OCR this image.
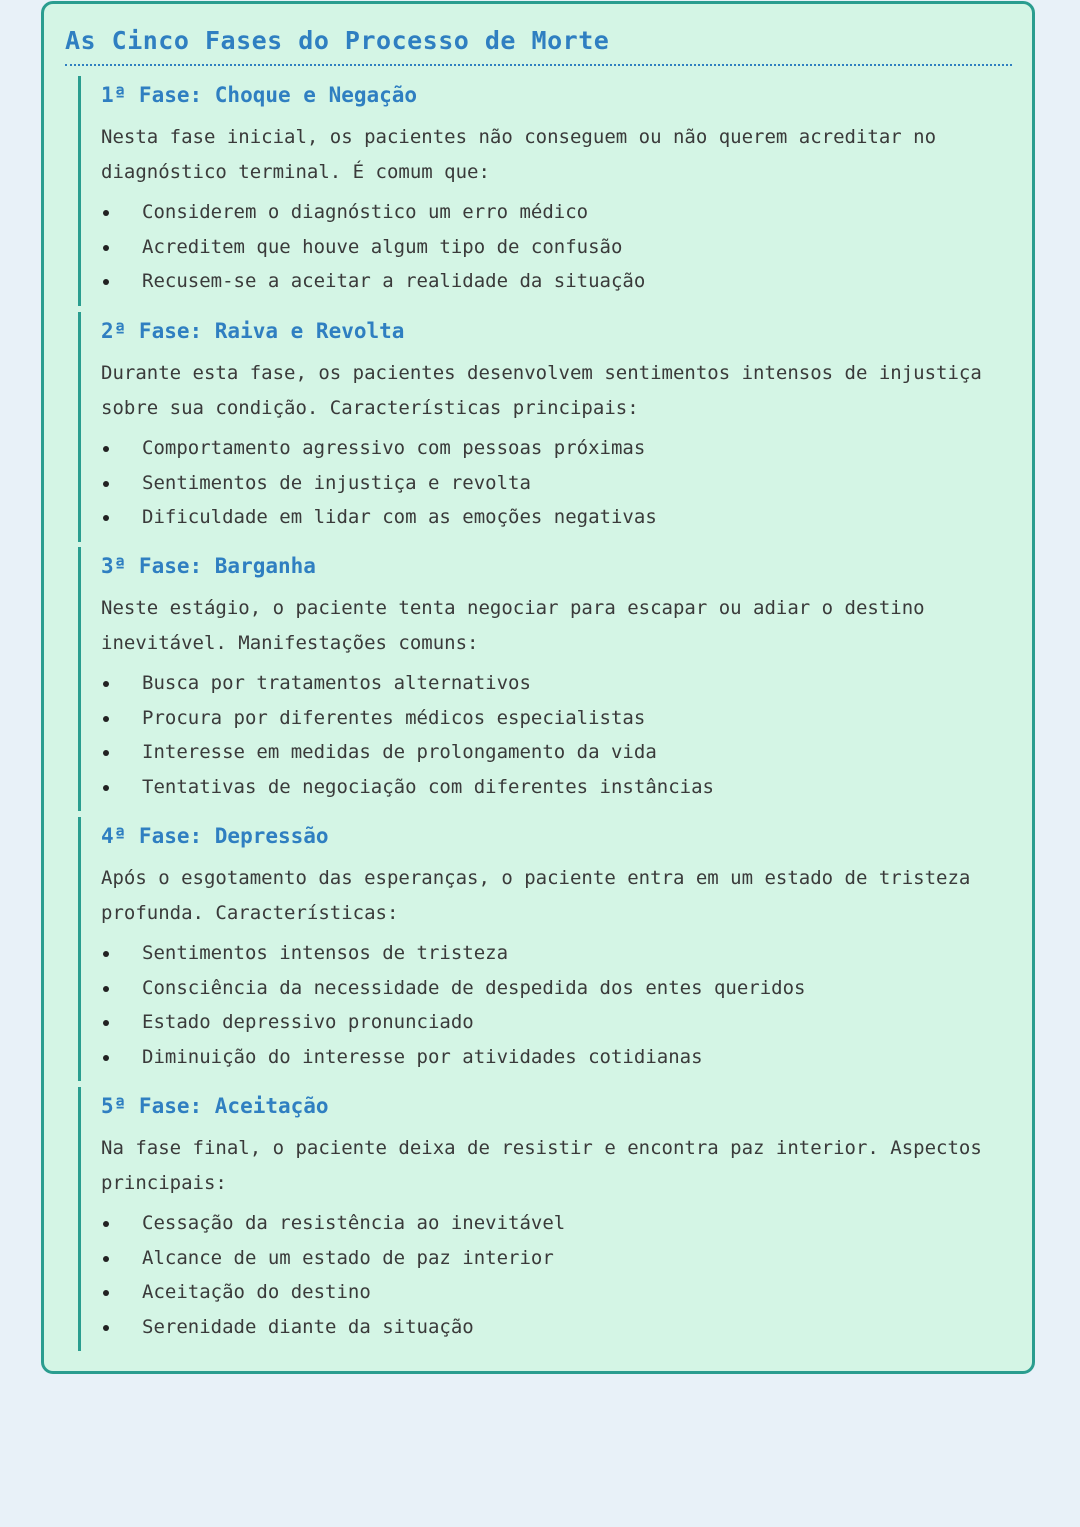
As Cinco Fases do Processo de Morte
1ª Fase: Choque e Negação

Nesta fase inicial, os pacientes não conseguem ou não querem acreditar no diagnóstico terminal. É comum que:

Considerem o diagnóstico um erro médico
Acreditem que houve algum tipo de confusão
Recusem-se a aceitar a realidade da situação
2ª Fase: Raiva e Revolta

Durante esta fase, os pacientes desenvolvem sentimentos intensos de injustiça sobre sua condição. Características principais:

Comportamento agressivo com pessoas próximas
Sentimentos de injustiça e revolta
Dificuldade em lidar com as emoções negativas
3ª Fase: Barganha

Neste estágio, o paciente tenta negociar para escapar ou adiar o destino inevitável. Manifestações comuns:

Busca por tratamentos alternativos
Procura por diferentes médicos especialistas
Interesse em medidas de prolongamento da vida
Tentativas de negociação com diferentes instâncias
4ª Fase: Depressão

Após o esgotamento das esperanças, o paciente entra em um estado de tristeza profunda. Características:

Sentimentos intensos de tristeza
Consciência da necessidade de despedida dos entes queridos
Estado depressivo pronunciado
Diminuição do interesse por atividades cotidianas
5ª Fase: Aceitação

Na fase final, o paciente deixa de resistir e encontra paz interior. Aspectos principais:

Cessação da resistência ao inevitável
Alcance de um estado de paz interior
Aceitação do destino
Serenidade diante da situação
